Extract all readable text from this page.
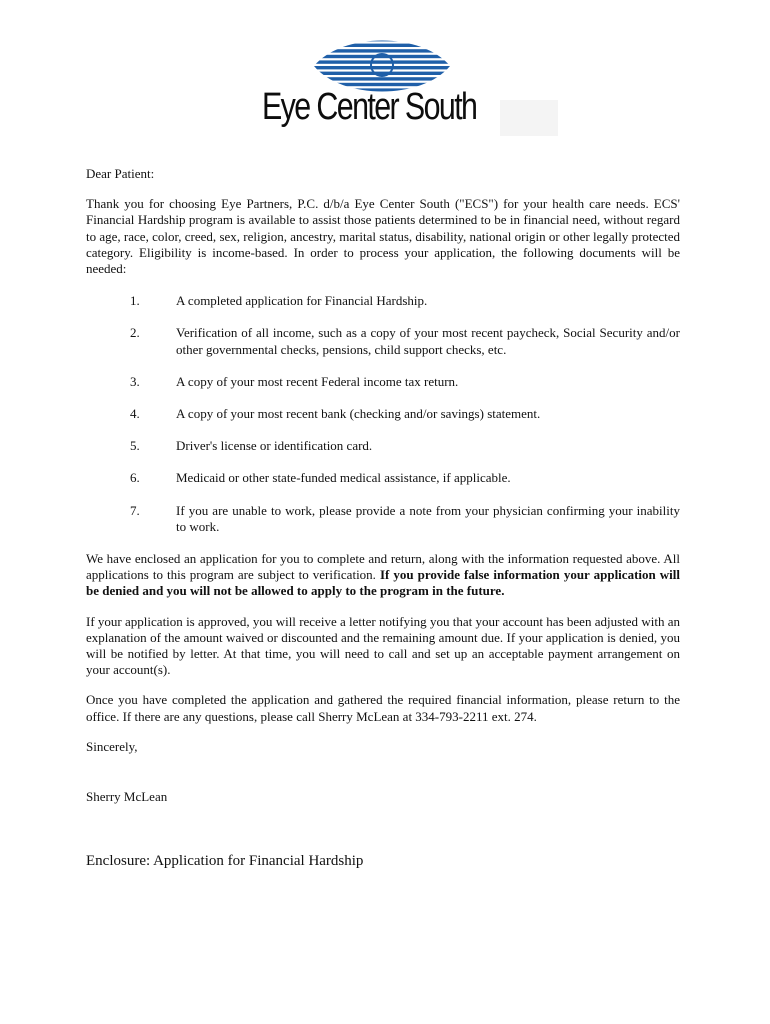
Eye Center South

Dear Patient:

Thank you for choosing Eye Partners, P.C. d/b/a Eye Center South ("ECS") for your health care needs. ECS' Financial Hardship program is available to assist those patients determined to be in financial need, without regard to age, race, color, creed, sex, religion, ancestry, marital status, disability, national origin or other legally protected category. Eligibility is income-based. In order to process your application, the following documents will be needed:

1.	A completed application for Financial Hardship.
2.	Verification of all income, such as a copy of your most recent paycheck, Social Security and/or other governmental checks, pensions, child support checks, etc.
3.	A copy of your most recent Federal income tax return.
4.	A copy of your most recent bank (checking and/or savings) statement.
5.	Driver's license or identification card.
6.	Medicaid or other state-funded medical assistance, if applicable.
7.	If you are unable to work, please provide a note from your physician confirming your inability to work.

We have enclosed an application for you to complete and return, along with the information requested above. All applications to this program are subject to verification. If you provide false information your application will be denied and you will not be allowed to apply to the program in the future.

If your application is approved, you will receive a letter notifying you that your account has been adjusted with an explanation of the amount waived or discounted and the remaining amount due. If your application is denied, you will be notified by letter. At that time, you will need to call and set up an acceptable payment arrangement on your account(s).

Once you have completed the application and gathered the required financial information, please return to the office. If there are any questions, please call Sherry McLean at 334-793-2211 ext. 274.

Sincerely,

Sherry McLean

Enclosure: Application for Financial Hardship
